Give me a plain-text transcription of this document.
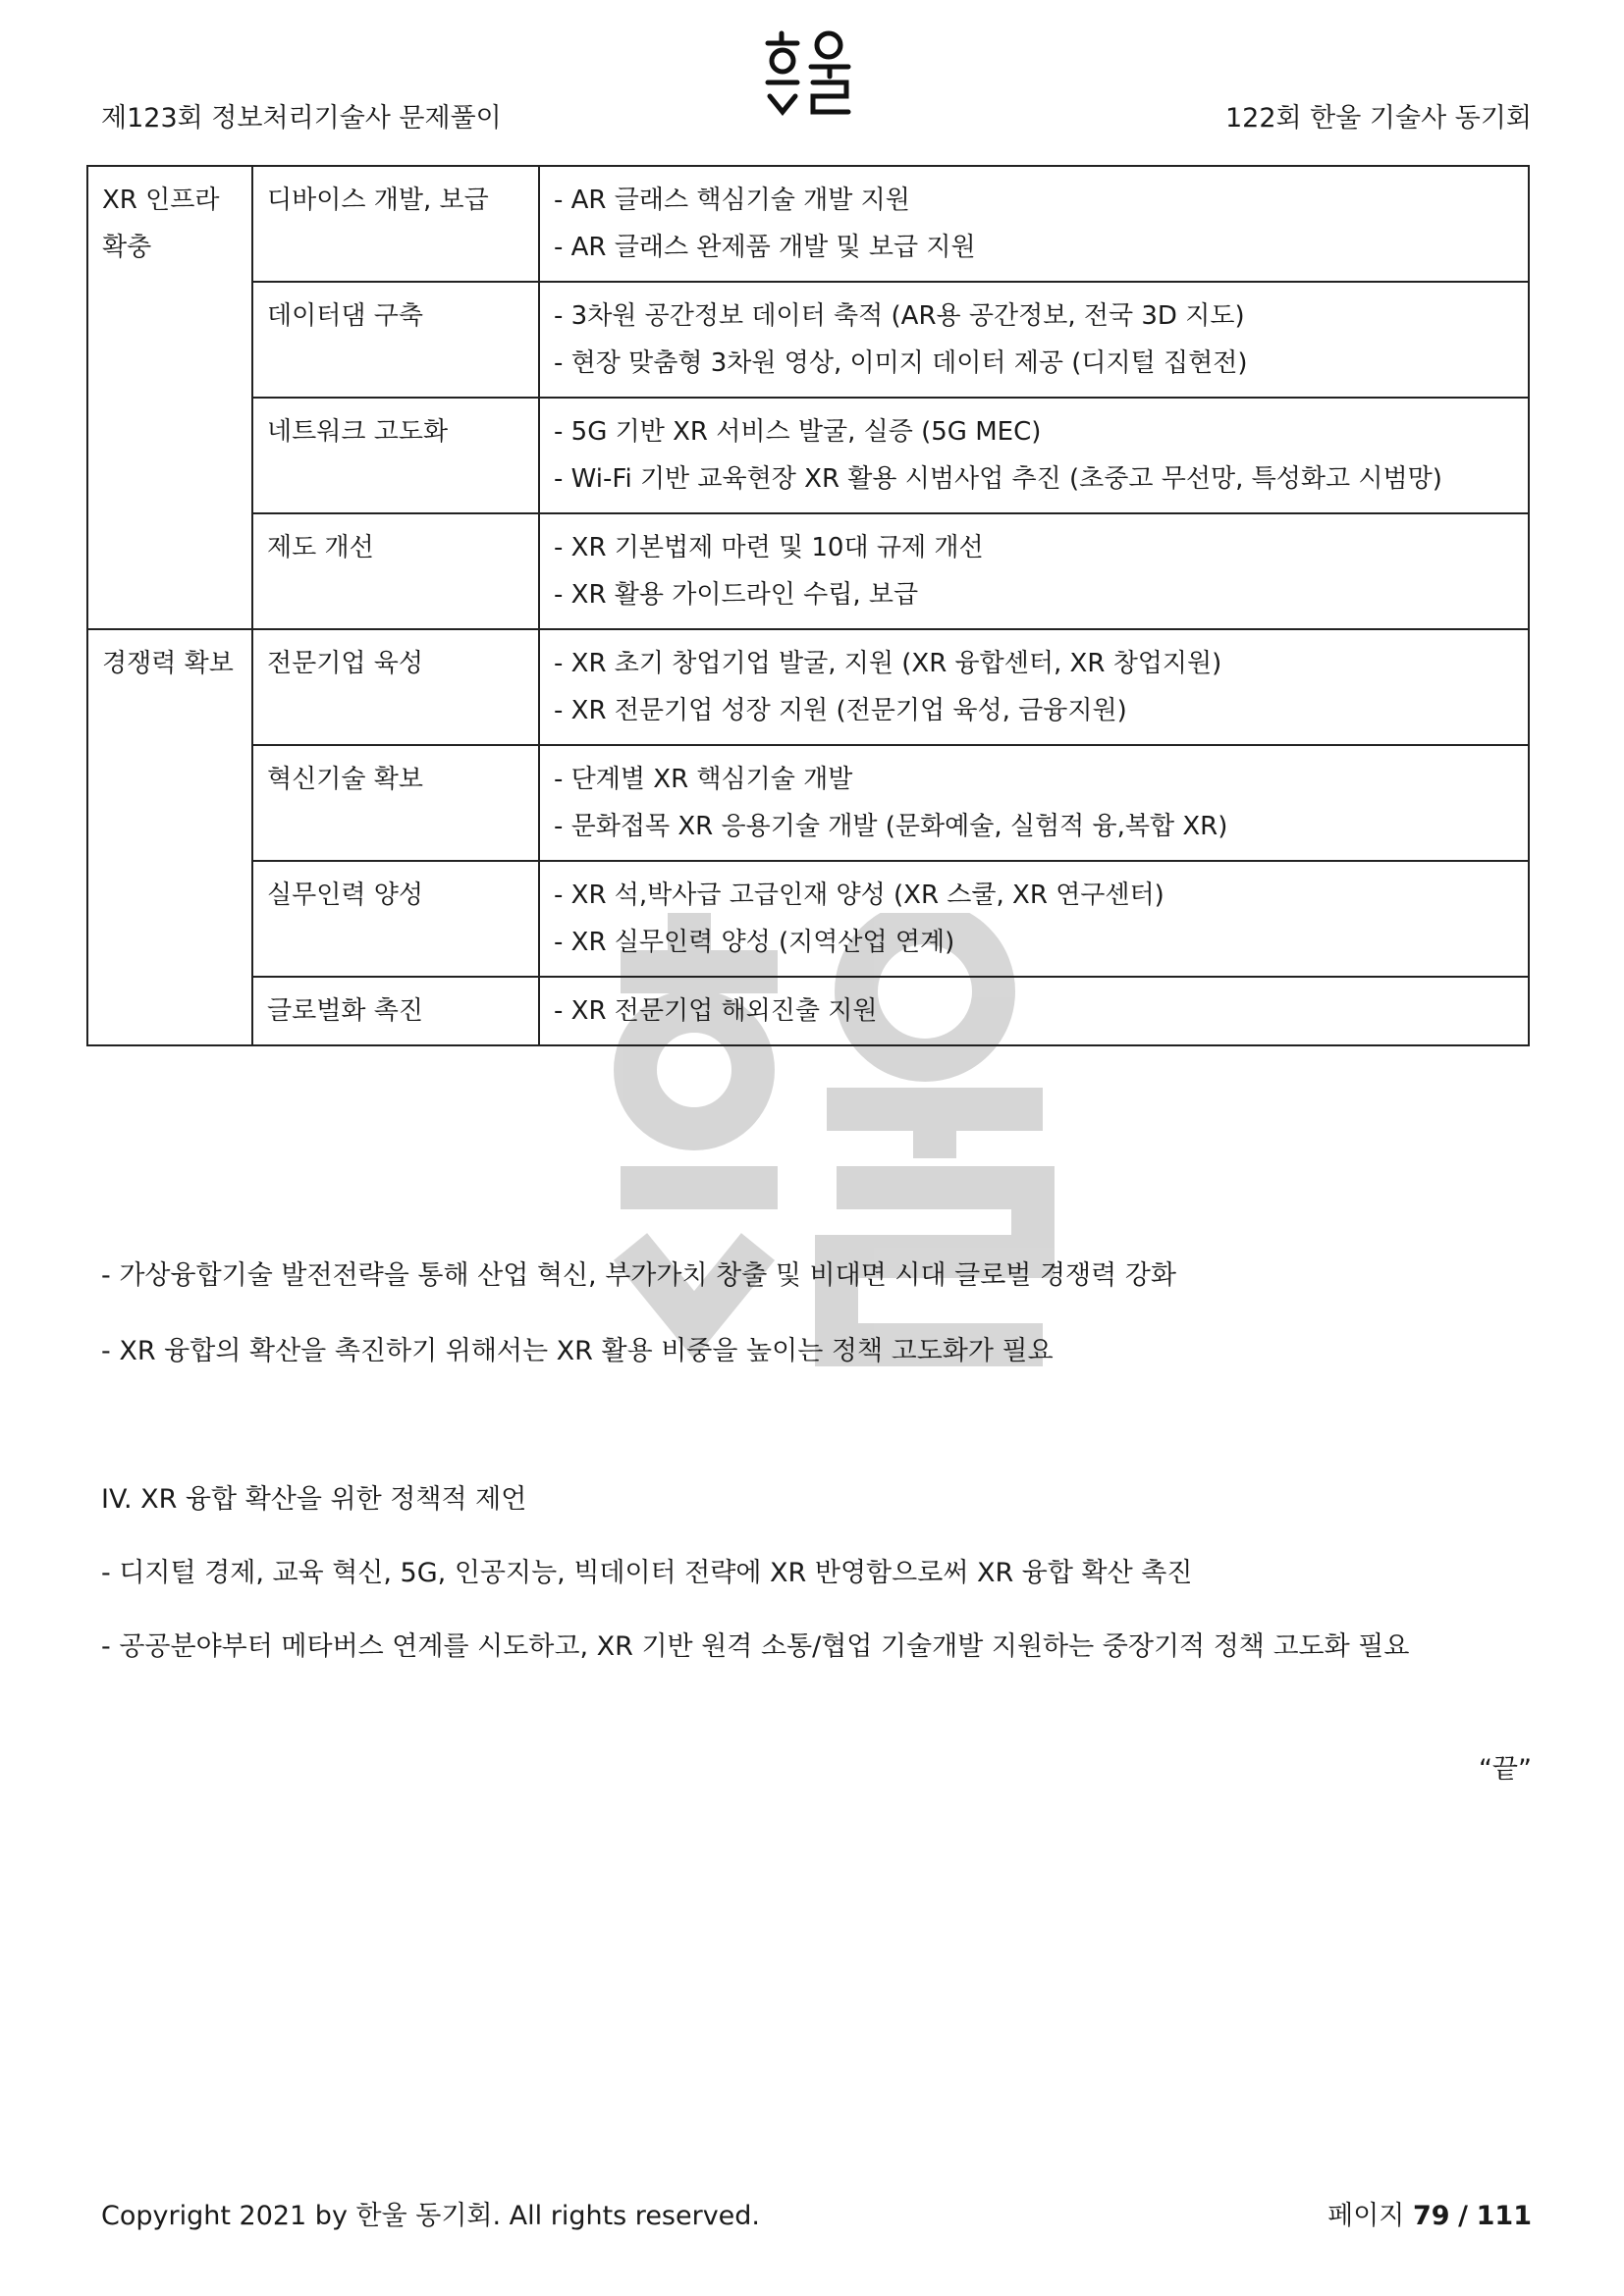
제123회 정보처리기술사 문제풀이	122회 한울 기술사 동기회
XR 인프라 확충	디바이스 개발, 보급	- AR 글래스 핵심기술 개발 지원
- AR 글래스 완제품 개발 및 보급 지원

	데이터댐 구축	- 3차원 공간정보 데이터 축적 (AR용 공간정보, 전국 3D 지도)
- 현장 맞춤형 3차원 영상, 이미지 데이터 제공 (디지털 집현전)

	네트워크 고도화	- 5G 기반 XR 서비스 발굴, 실증 (5G MEC)
- Wi-Fi 기반 교육현장 XR 활용 시범사업 추진 (초중고 무선망, 특성화고 시범망)

	제도 개선	- XR 기본법제 마련 및 10대 규제 개선
- XR 활용 가이드라인 수립, 보급

경쟁력 확보	전문기업 육성	- XR 초기 창업기업 발굴, 지원 (XR 융합센터, XR 창업지원)
- XR 전문기업 성장 지원 (전문기업 육성, 금융지원)

	혁신기술 확보	- 단계별 XR 핵심기술 개발
- 문화접목 XR 응용기술 개발 (문화예술, 실험적 융,복합 XR)

	실무인력 양성	- XR 석,박사급 고급인재 양성 (XR 스쿨, XR 연구센터)
- XR 실무인력 양성 (지역산업 연계)

	글로벌화 촉진	- XR 전문기업 해외진출 지원
- 가상융합기술 발전전략을 통해 산업 혁신, 부가가치 창출 및 비대면 시대 글로벌 경쟁력 강화
- XR 융합의 확산을 촉진하기 위해서는 XR 활용 비중을 높이는 정책 고도화가 필요
IV. XR 융합 확산을 위한 정책적 제언
- 디지털 경제, 교육 혁신, 5G, 인공지능, 빅데이터 전략에 XR 반영함으로써 XR 융합 확산 촉진
- 공공분야부터 메타버스 연계를 시도하고, XR 기반 원격 소통/협업 기술개발 지원하는 중장기적 정책 고도화 필요
“끝”
Copyright 2021 by 한울 동기회. All rights reserved.	페이지 79 / 111
